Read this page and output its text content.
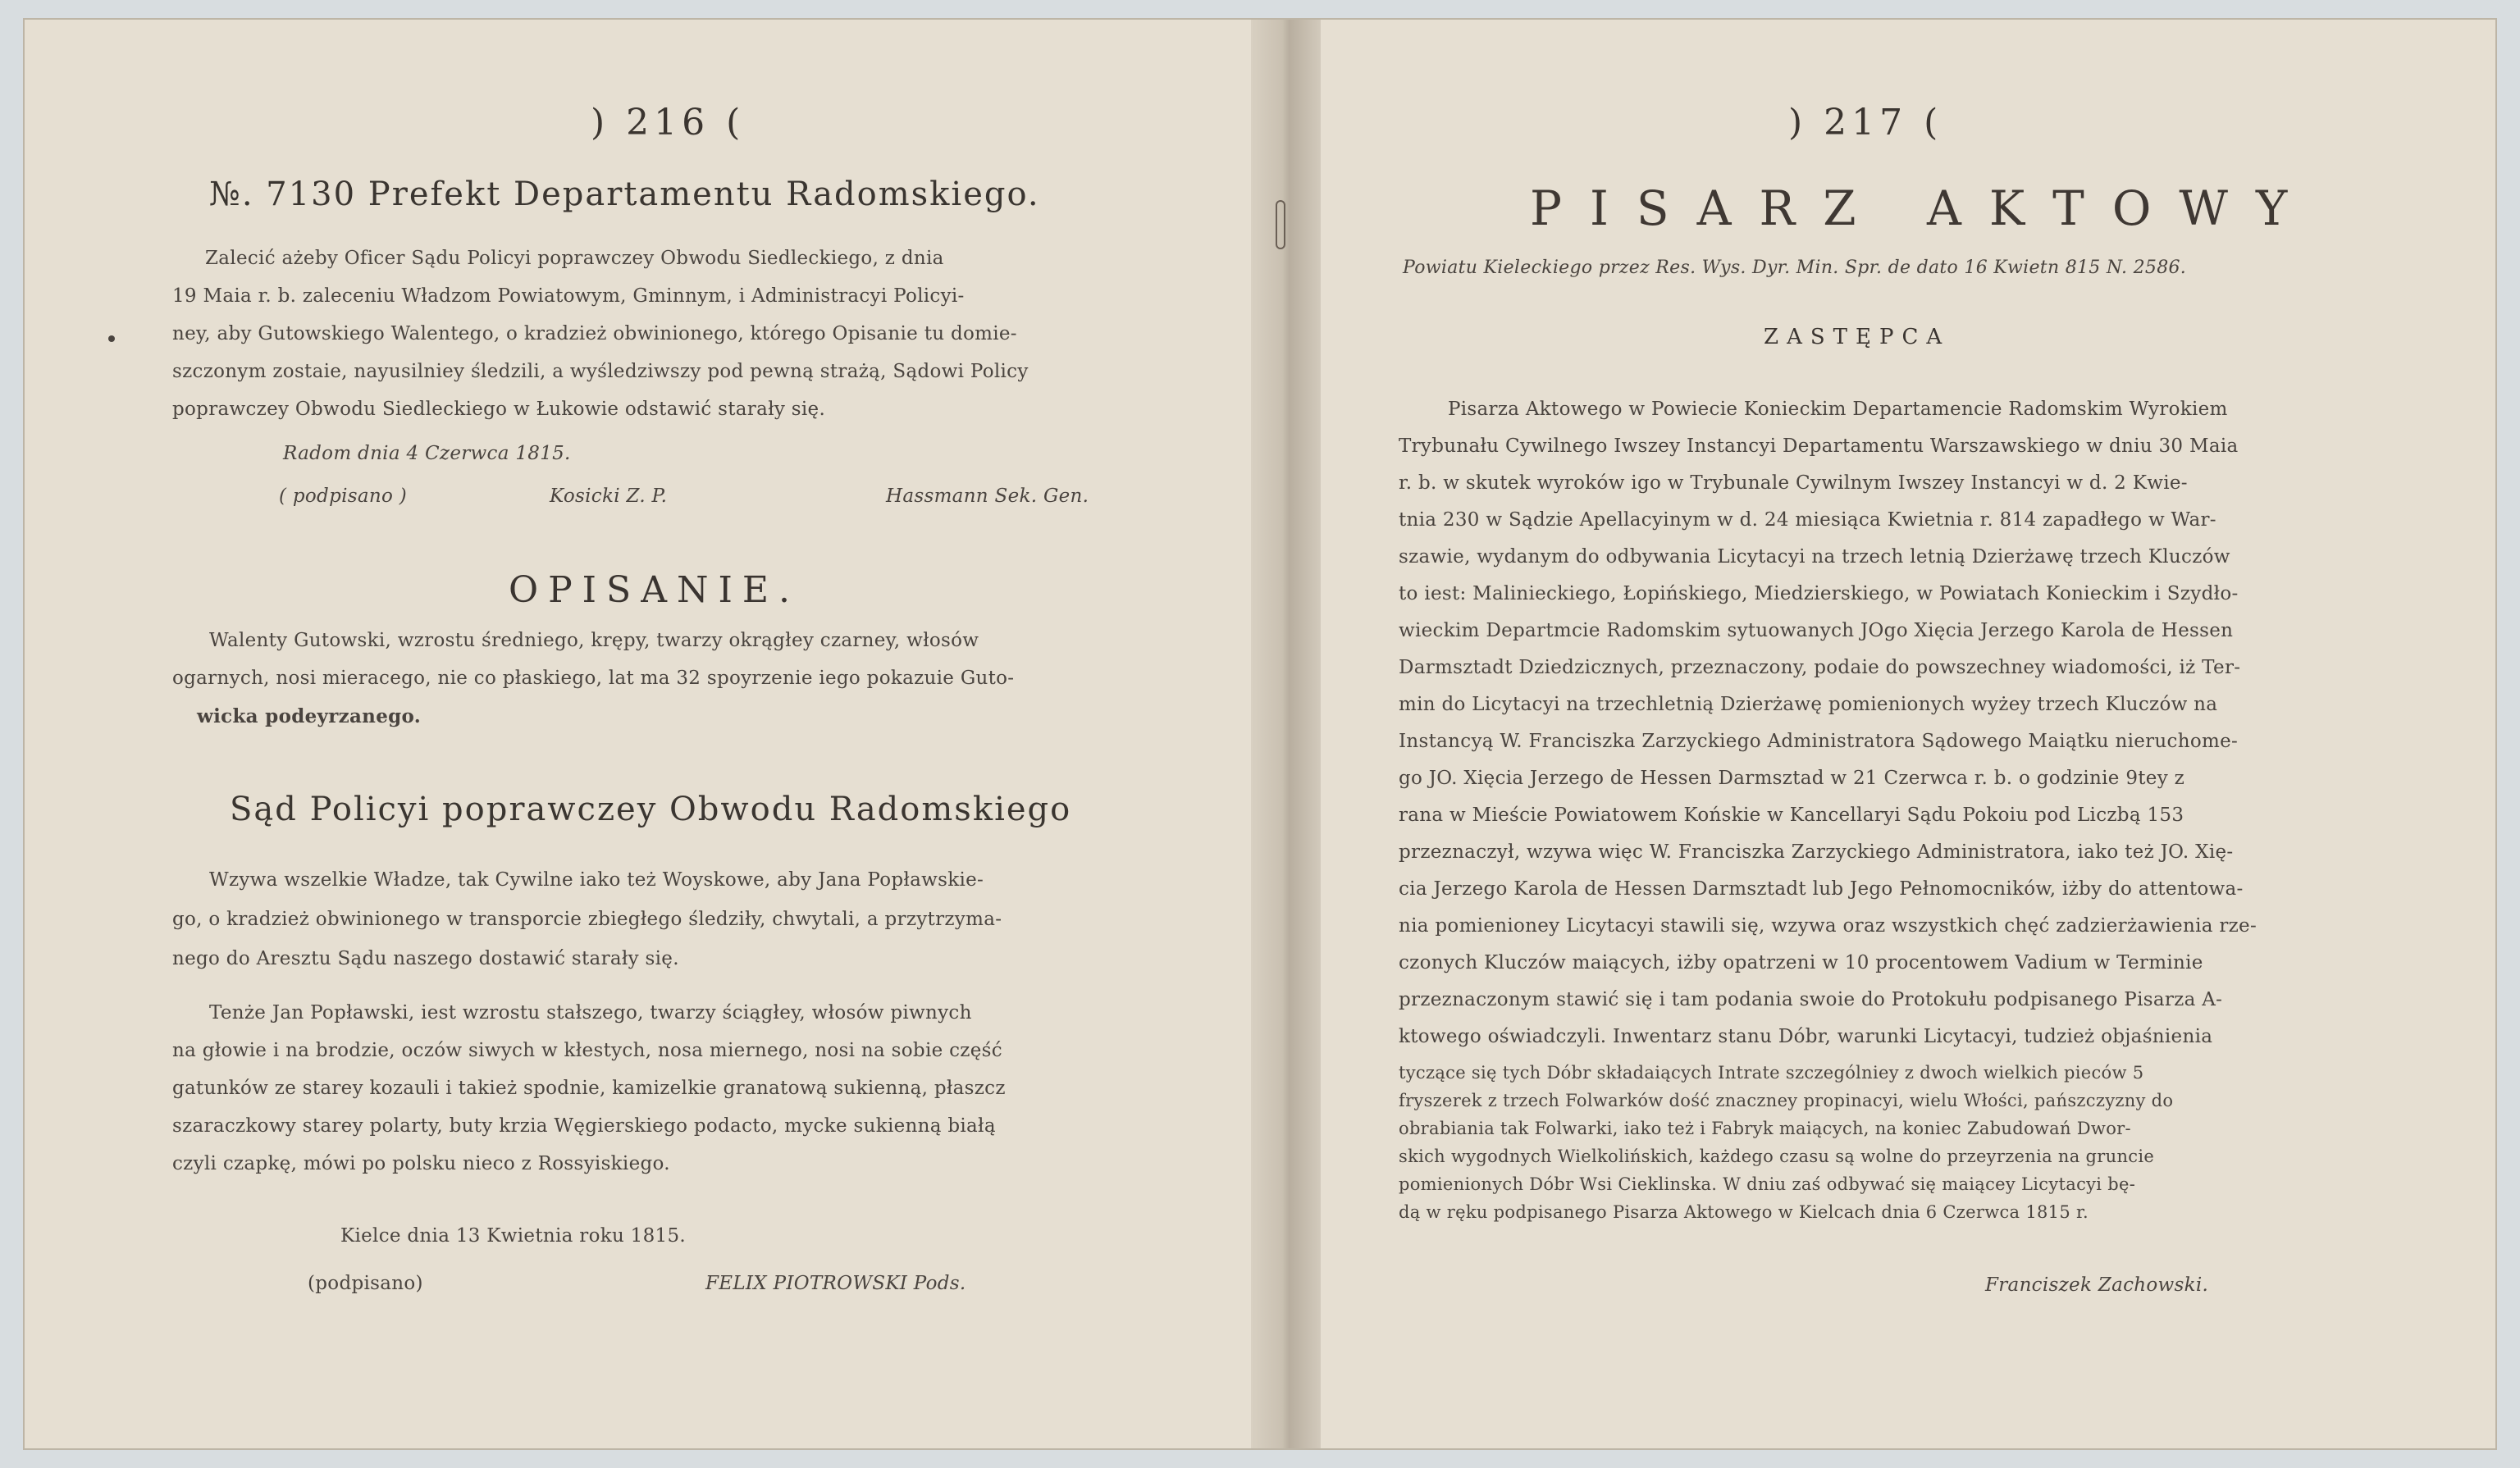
) 216 (
№. 7130 Prefekt Departamentu Radomskiego.
Zalecić ażeby Oficer Sądu Policyi poprawczey Obwodu Siedleckiego, z dnia
19 Maia r. b. zaleceniu Władzom Powiatowym, Gminnym, i Administracyi Policyi-
ney, aby Gutowskiego Walentego, o kradzież obwinionego, którego Opisanie tu domie-
szczonym zostaie, nayusilniey śledzili, a wyśledziwszy pod pewną strażą, Sądowi Policy
poprawczey Obwodu Siedleckiego w Łukowie odstawić starały się.
Radom dnia 4 Czerwca 1815.
( podpisano )	Kosicki Z. P.	Hassmann Sek. Gen.
OPISANIE.
Walenty Gutowski, wzrostu średniego, krępy, twarzy okrągłey czarney, włosów
ogarnych, nosi mieracego, nie co płaskiego, lat ma 32 spoyrzenie iego pokazuie Guto-
wicka podeyrzanego.
Sąd Policyi poprawczey Obwodu Radomskiego
Wzywa wszelkie Władze, tak Cywilne iako też Woyskowe, aby Jana Popławskie-
go, o kradzież obwinionego w transporcie zbiegłego śledziły, chwytali, a przytrzyma-
nego do Aresztu Sądu naszego dostawić starały się.
Tenże Jan Popławski, iest wzrostu stałszego, twarzy ściągłey, włosów piwnych
na głowie i na brodzie, oczów siwych w kłestych, nosa miernego, nosi na sobie część
gatunków ze starey kozauli i takież spodnie, kamizelkie granatową sukienną, płaszcz
szaraczkowy starey polarty, buty krzia Węgierskiego podacto, mycke sukienną białą
czyli czapkę, mówi po polsku nieco z Rossyiskiego.
Kielce dnia 13 Kwietnia roku 1815.
(podpisano)	FELIX PIOTROWSKI Pods.
) 217 (
PISARZ AKTOWY
Powiatu Kieleckiego przez Res. Wys. Dyr. Min. Spr. de dato 16 Kwietn 815 N. 2586.
ZASTĘPCA
Pisarza Aktowego w Powiecie Konieckim Departamencie Radomskim Wyrokiem
Trybunału Cywilnego Iwszey Instancyi Departamentu Warszawskiego w dniu 30 Maia
r. b. w skutek wyroków igo w Trybunale Cywilnym Iwszey Instancyi w d. 2 Kwie-
tnia 230 w Sądzie Apellacyinym w d. 24 miesiąca Kwietnia r. 814 zapadłego w War-
szawie, wydanym do odbywania Licytacyi na trzech letnią Dzierżawę trzech Kluczów
to iest: Malinieckiego, Łopińskiego, Miedzierskiego, w Powiatach Konieckim i Szydło-
wieckim Departmcie Radomskim sytuowanych JOgo Xięcia Jerzego Karola de Hessen
Darmsztadt Dziedzicznych, przeznaczony, podaie do powszechney wiadomości, iż Ter-
min do Licytacyi na trzechletnią Dzierżawę pomienionych wyżey trzech Kluczów na
Instancyą W. Franciszka Zarzyckiego Administratora Sądowego Maiątku nieruchome-
go JO. Xięcia Jerzego de Hessen Darmsztad w 21 Czerwca r. b. o godzinie 9tey z
rana w Mieście Powiatowem Końskie w Kancellaryi Sądu Pokoiu pod Liczbą 153
przeznaczył, wzywa więc W. Franciszka Zarzyckiego Administratora, iako też JO. Xię-
cia Jerzego Karola de Hessen Darmsztadt lub Jego Pełnomocników, iżby do attentowa-
nia pomienioney Licytacyi stawili się, wzywa oraz wszystkich chęć zadzierżawienia rze-
czonych Kluczów maiących, iżby opatrzeni w 10 procentowem Vadium w Terminie
przeznaczonym stawić się i tam podania swoie do Protokułu podpisanego Pisarza A-
ktowego oświadczyli. Inwentarz stanu Dóbr, warunki Licytacyi, tudzież objaśnienia
tyczące się tych Dóbr składaiących Intrate szczególniey z dwoch wielkich pieców 5
fryszerek z trzech Folwarków dość znaczney propinacyi, wielu Włości, pańszczyzny do
obrabiania tak Folwarki, iako też i Fabryk maiących, na koniec Zabudowań Dwor-
skich wygodnych Wielkolińskich, każdego czasu są wolne do przeyrzenia na gruncie
pomienionych Dóbr Wsi Cieklinska. W dniu zaś odbywać się maiącey Licytacyi bę-
dą w ręku podpisanego Pisarza Aktowego w Kielcach dnia 6 Czerwca 1815 r.
Franciszek Zachowski.
